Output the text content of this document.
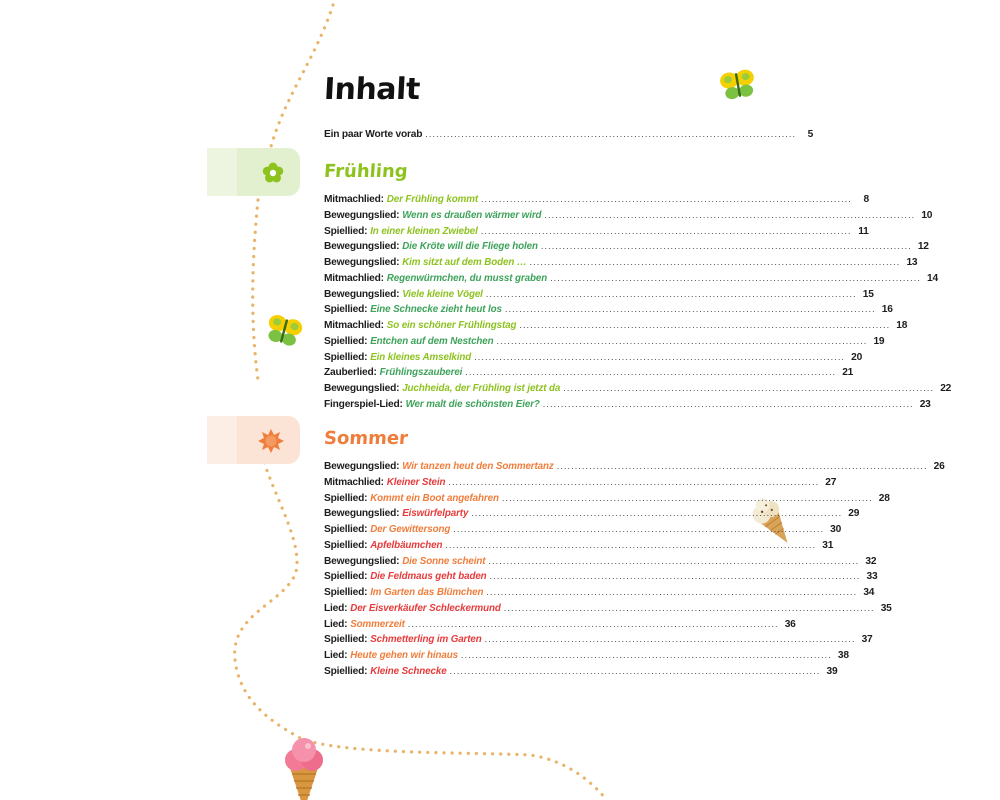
Inhalt
Ein paar Worte vorab .......................................................................................................	5
Frühling
Mitmachlied:
Der Frühling kommt .......................................................................................................	8
Bewegungslied:
Wenn es draußen wärmer wird ....................................................................................................... 10
Spiellied:
In einer kleinen Zwiebel ....................................................................................................... 11
Bewegungslied:
Die Kröte will die Fliege holen ....................................................................................................... 12
Bewegungslied:
Kim sitzt auf dem Boden … ....................................................................................................... 13
Mitmachlied:
Regenwürmchen, du musst graben ....................................................................................................... 14
Bewegungslied:
Viele kleine Vögel ....................................................................................................... 15
Spiellied:
Eine Schnecke zieht heut los ....................................................................................................... 16
Mitmachlied:
So ein schöner Frühlingstag ....................................................................................................... 18
Spiellied:
Entchen auf dem Nestchen ....................................................................................................... 19
Spiellied:
Ein kleines Amselkind ....................................................................................................... 20
Zauberlied:
Frühlingszauberei ....................................................................................................... 21
Bewegungslied:
Juchheida, der Frühling ist jetzt da ....................................................................................................... 22
Fingerspiel-Lied:
Wer malt die schönsten Eier? ....................................................................................................... 23
Sommer
Bewegungslied:
Wir tanzen heut den Sommertanz ....................................................................................................... 26
Mitmachlied:
Kleiner Stein ....................................................................................................... 27
Spiellied:
Kommt ein Boot angefahren ....................................................................................................... 28
Bewegungslied:
Eiswürfelparty ....................................................................................................... 29
Spiellied:
Der Gewittersong ....................................................................................................... 30
Spiellied:
Apfelbäumchen ....................................................................................................... 31
Bewegungslied:
Die Sonne scheint ....................................................................................................... 32
Spiellied:
Die Feldmaus geht baden ....................................................................................................... 33
Spiellied:
Im Garten das Blümchen ....................................................................................................... 34
Lied:
Der Eisverkäufer Schleckermund ....................................................................................................... 35
Lied:
Sommerzeit ....................................................................................................... 36
Spiellied:
Schmetterling im Garten ....................................................................................................... 37
Lied:
Heute gehen wir hinaus ....................................................................................................... 38
Spiellied:
Kleine Schnecke ....................................................................................................... 39
